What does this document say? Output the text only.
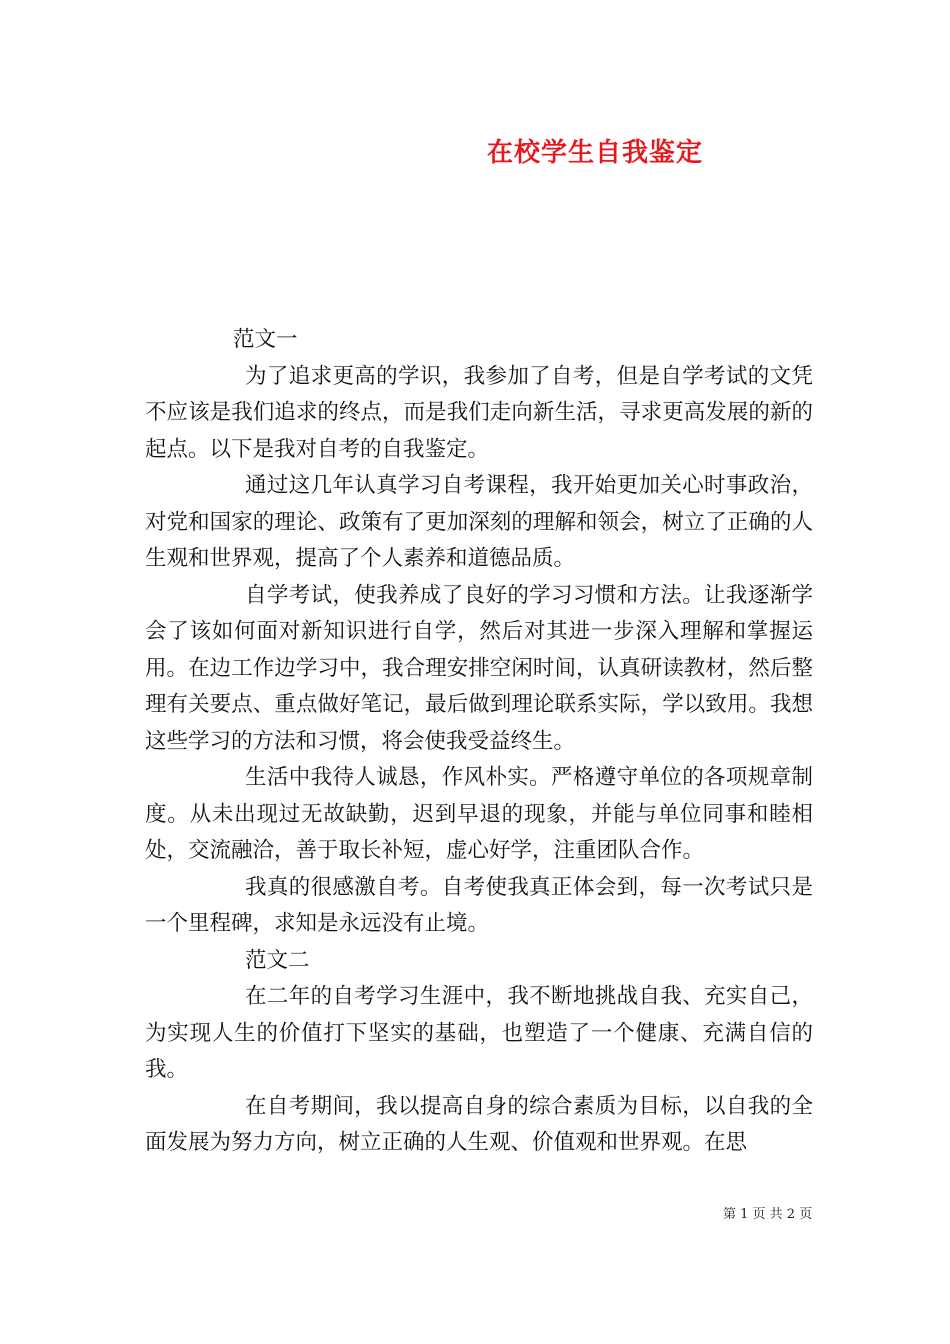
在校学生自我鉴定

范文一

为了追求更高的学识，我参加了自考，但是自学考试的文凭不应该是我们追求的终点，而是我们走向新生活，寻求更高发展的新的起点。以下是我对自考的自我鉴定。

通过这几年认真学习自考课程，我开始更加关心时事政治，对党和国家的理论、政策有了更加深刻的理解和领会，树立了正确的人生观和世界观，提高了个人素养和道德品质。

自学考试，使我养成了良好的学习习惯和方法。让我逐渐学会了该如何面对新知识进行自学，然后对其进一步深入理解和掌握运用。在边工作边学习中，我合理安排空闲时间，认真研读教材，然后整理有关要点、重点做好笔记，最后做到理论联系实际，学以致用。我想这些学习的方法和习惯，将会使我受益终生。

生活中我待人诚恳，作风朴实。严格遵守单位的各项规章制度。从未出现过无故缺勤，迟到早退的现象，并能与单位同事和睦相处，交流融洽，善于取长补短，虚心好学，注重团队合作。

我真的很感激自考。自考使我真正体会到，每一次考试只是一个里程碑，求知是永远没有止境。

范文二

在二年的自考学习生涯中，我不断地挑战自我、充实自己，为实现人生的价值打下坚实的基础，也塑造了一个健康、充满自信的我。

在自考期间，我以提高自身的综合素质为目标，以自我的全面发展为努力方向，树立正确的人生观、价值观和世界观。在思

第 1 页 共 2 页
